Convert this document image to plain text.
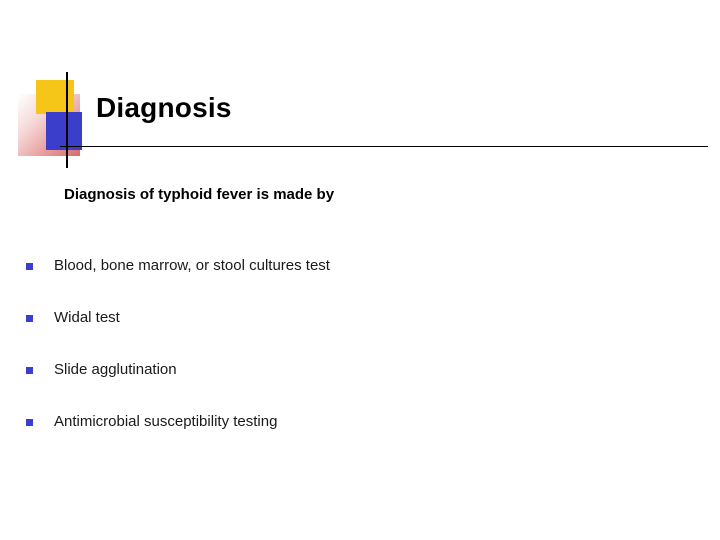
Diagnosis
Diagnosis of typhoid fever is made by
Blood, bone marrow, or stool cultures test
Widal test
Slide agglutination
Antimicrobial susceptibility testing
